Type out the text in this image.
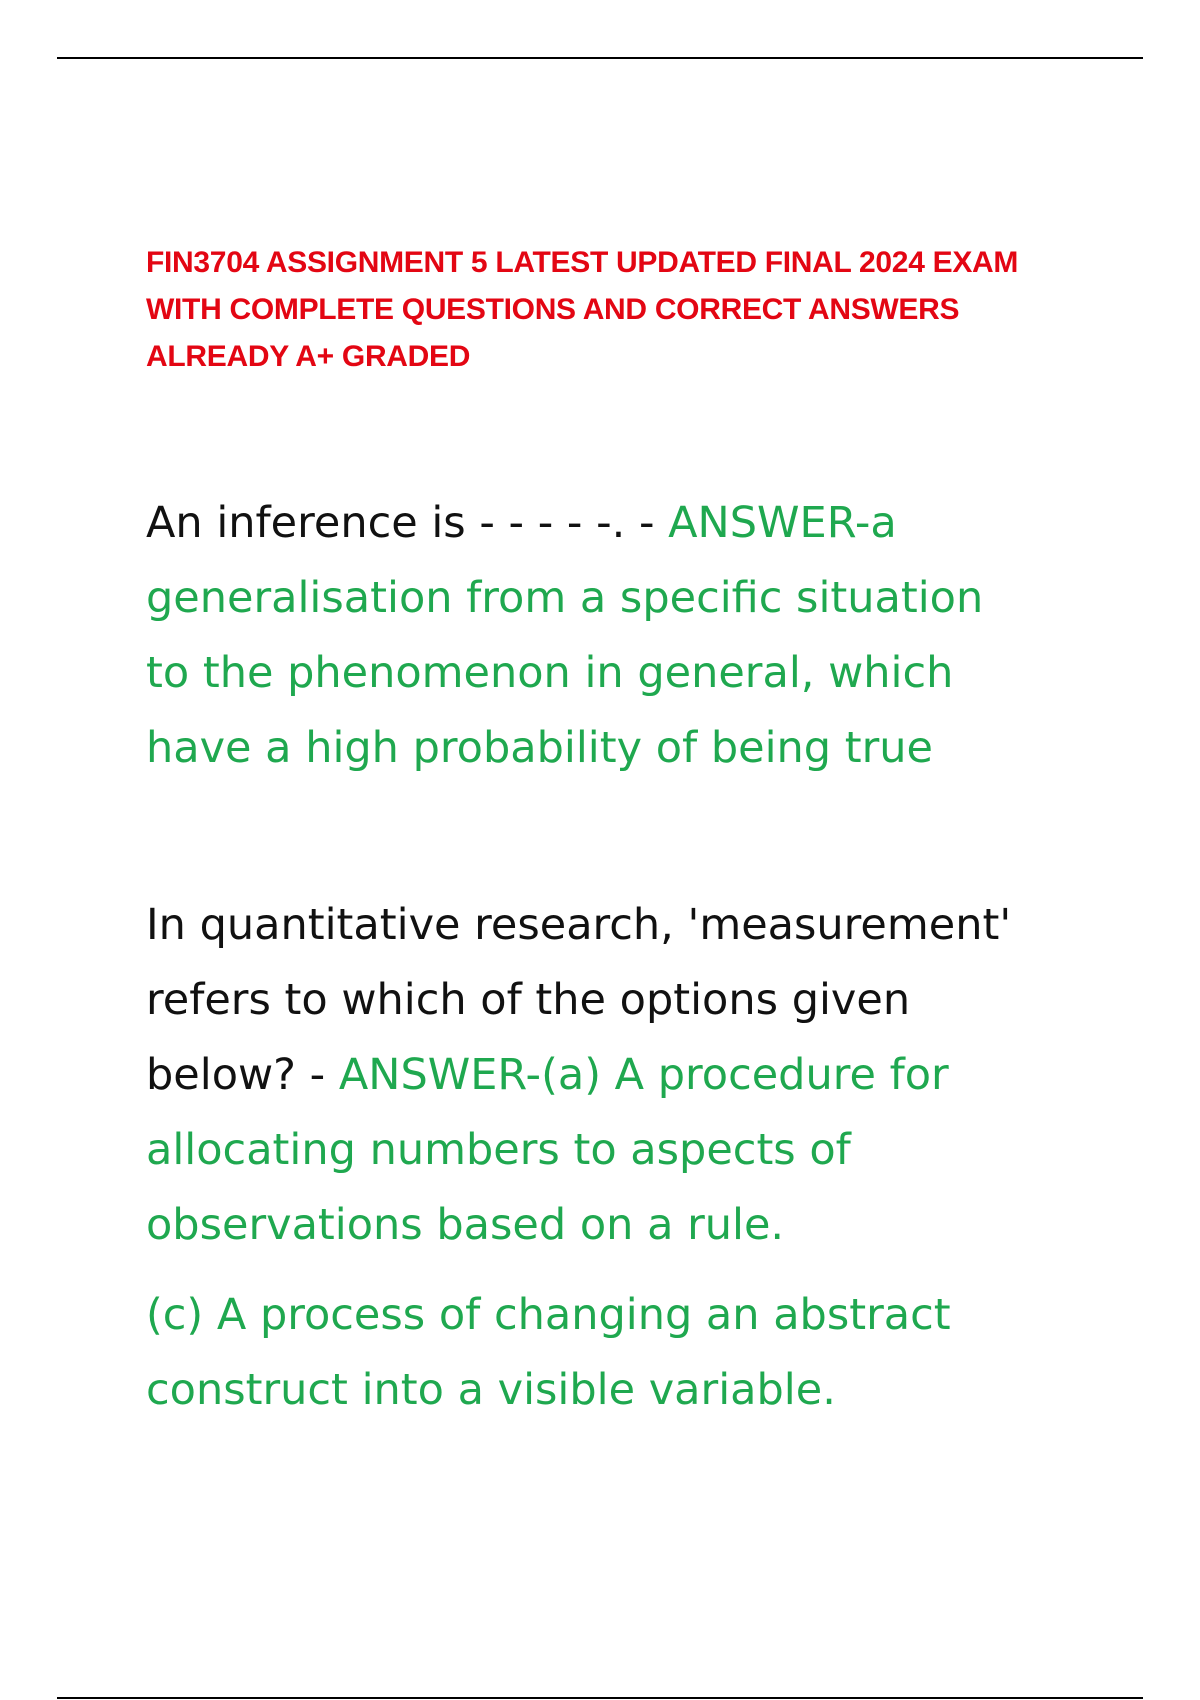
FIN3704 ASSIGNMENT 5 LATEST UPDATED FINAL 2024 EXAM
WITH COMPLETE QUESTIONS AND CORRECT ANSWERS
ALREADY A+ GRADED
An inference is - - - - -. - ANSWER-a
generalisation from a specific situation
to the phenomenon in general, which
have a high probability of being true
In quantitative research, 'measurement'
refers to which of the options given
below? - ANSWER-(a) A procedure for
allocating numbers to aspects of
observations based on a rule.
(c) A process of changing an abstract
construct into a visible variable.
